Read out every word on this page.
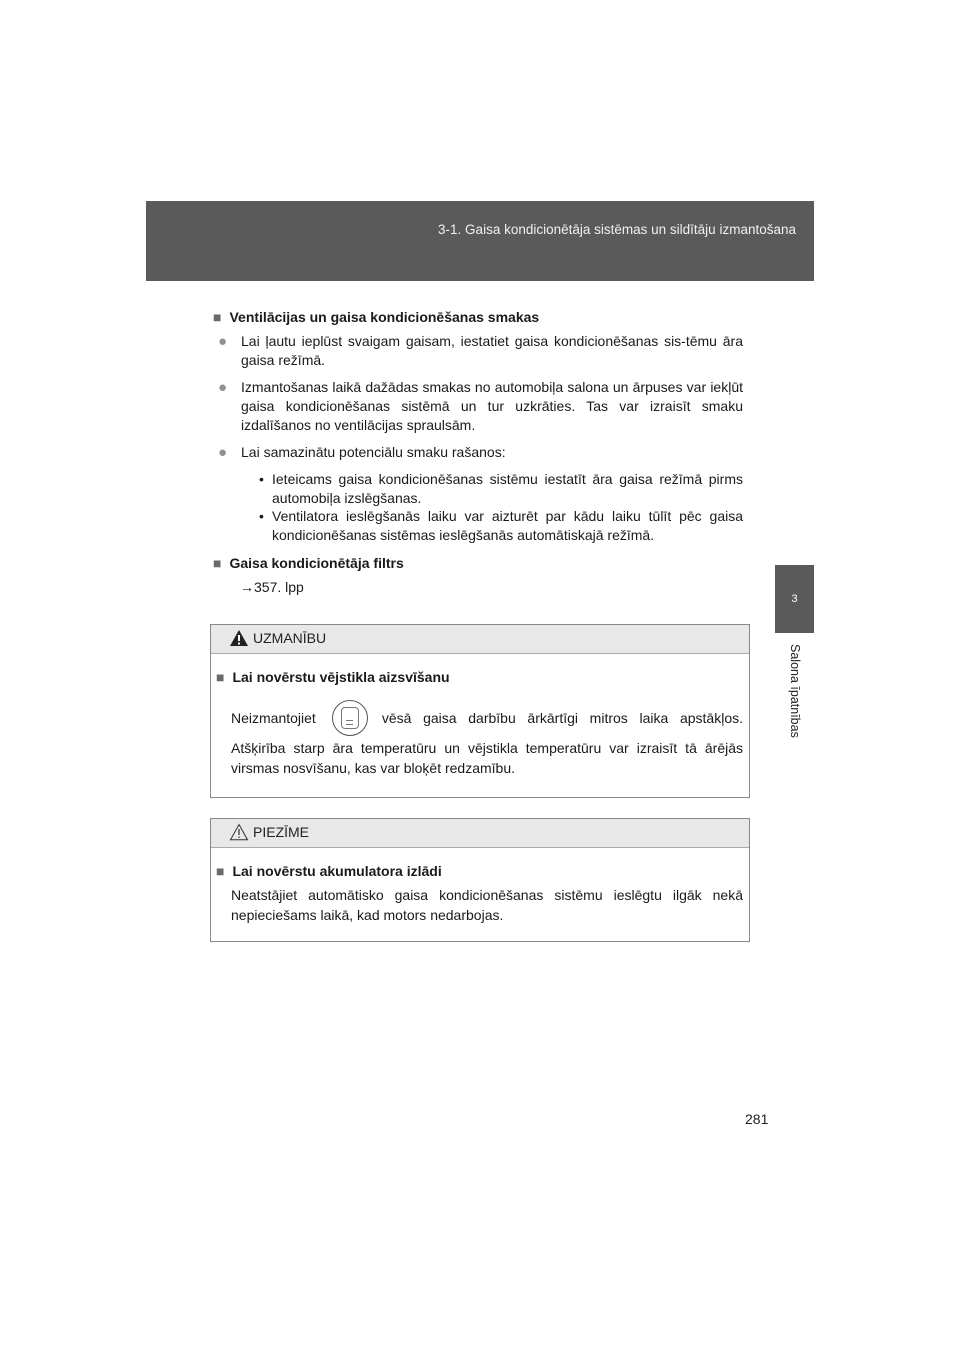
3-1. Gaisa kondicionētāja sistēmas un sildītāju izmantošana
3
Salona īpatnības
■ Ventilācijas un gaisa kondicionēšanas smakas
● Lai ļautu ieplūst svaigam gaisam, iestatiet gaisa kondicionēšanas sis-tēmu āra gaisa režīmā.
● Izmantošanas laikā dažādas smakas no automobiļa salona un ārpuses var iekļūt gaisa kondicionēšanas sistēmā un tur uzkrāties. Tas var izraisīt smaku izdalīšanos no ventilācijas spraulsām.
● Lai samazinātu potenciālu smaku rašanos:
• Ieteicams gaisa kondicionēšanas sistēmu iestatīt āra gaisa režīmā pirms automobiļa izslēgšanas.
• Ventilatora ieslēgšanās laiku var aizturēt par kādu laiku tūlīt pēc gaisa kondicionēšanas sistēmas ieslēgšanās automātiskajā režīmā.
■ Gaisa kondicionētāja filtrs
→357. lpp
UZMANĪBU
■ Lai novērstu vējstikla aizsvīšanu
Neizmantojiet	vēsā gaisa darbību ārkārtīgi mitros laika apstākļos.
Atšķirība starp āra temperatūru un vējstikla temperatūru var izraisīt tā ārējās virsmas nosvīšanu, kas var bloķēt redzamību.
PIEZĪME
■ Lai novērstu akumulatora izlādi
Neatstājiet automātisko gaisa kondicionēšanas sistēmu ieslēgtu ilgāk nekā nepieciešams laikā, kad motors nedarbojas.
281
